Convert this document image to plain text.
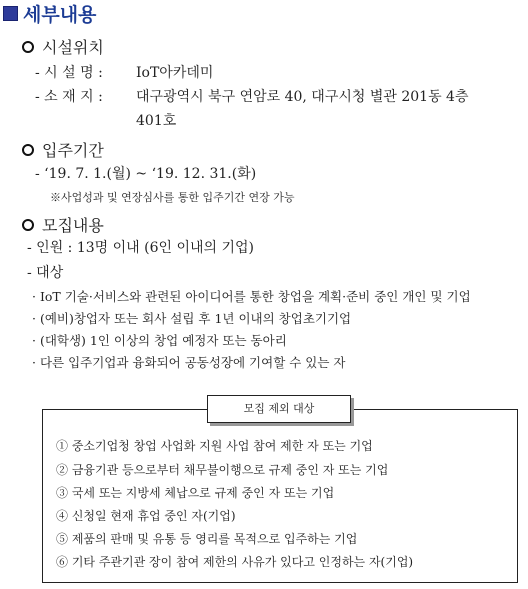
세부내용
시설위치
- 시 설 명 : IoT아카데미
- 소 재 지 : 대구광역시 북구 연암로 40, 대구시청 별관 201동 4층
401호
입주기간
- ‘19. 7. 1.(월) ~ ‘19. 12. 31.(화)
※사업성과 및 연장심사를 통한 입주기간 연장 가능
모집내용
- 인원 : 13명 이내 (6인 이내의 기업)
- 대상
· IoT 기술·서비스와 관련된 아이디어를 통한 창업을 계획·준비 중인 개인 및 기업
· (예비)창업자 또는 회사 설립 후 1년 이내의 창업초기기업
· (대학생) 1인 이상의 창업 예정자 또는 동아리
· 다른 입주기업과 융화되어 공동성장에 기여할 수 있는 자
모집 제외 대상
① 중소기업청 창업 사업화 지원 사업 참여 제한 자 또는 기업
② 금융기관 등으로부터 채무불이행으로 규제 중인 자 또는 기업
③ 국세 또는 지방세 체납으로 규제 중인 자 또는 기업
④ 신청일 현재 휴업 중인 자(기업)
⑤ 제품의 판매 및 유통 등 영리를 목적으로 입주하는 기업
⑥ 기타 주관기관 장이 참여 제한의 사유가 있다고 인정하는 자(기업)
